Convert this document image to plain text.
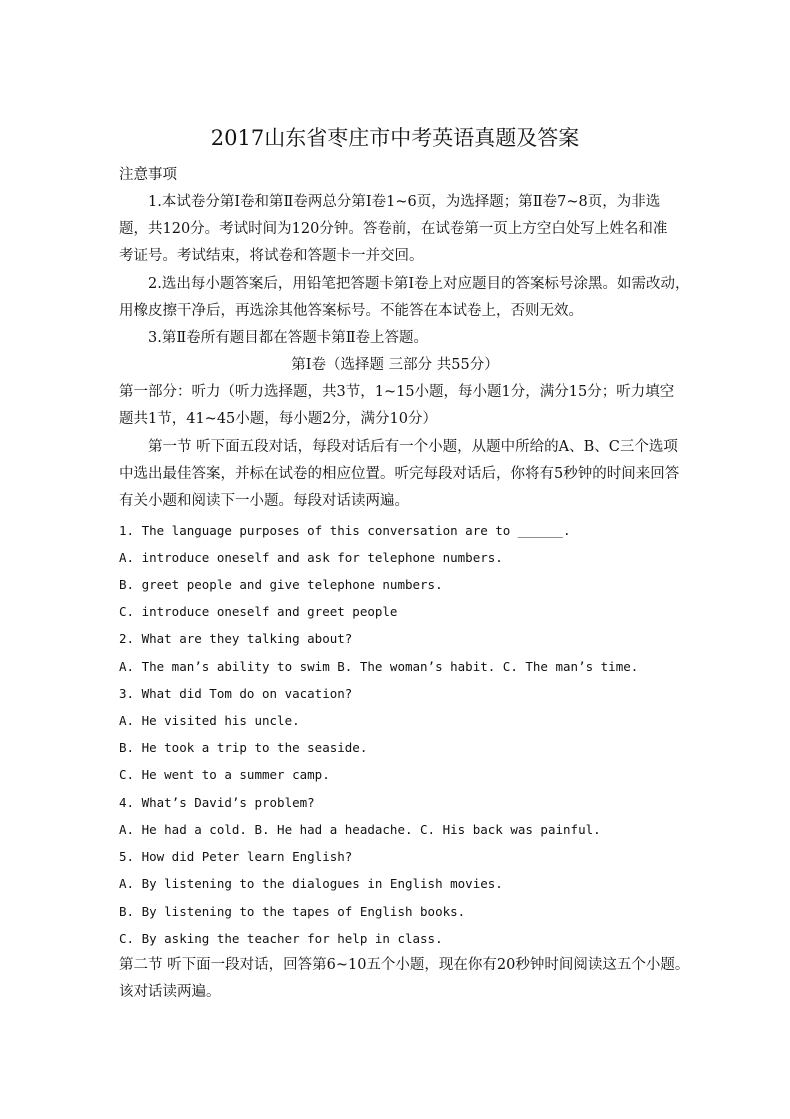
2017山东省枣庄市中考英语真题及答案
注意事项
1.本试卷分第Ⅰ卷和第Ⅱ卷两总分第Ⅰ卷1~6页，为选择题；第Ⅱ卷7~8页，为非选
题，共120分。考试时间为120分钟。答卷前，在试卷第一页上方空白处写上姓名和准
考证号。考试结束，将试卷和答题卡一并交回。
2.选出每小题答案后，用铅笔把答题卡第Ⅰ卷上对应题目的答案标号涂黑。如需改动，
用橡皮擦干净后，再选涂其他答案标号。不能答在本试卷上，否则无效。
3.第Ⅱ卷所有题目都在答题卡第Ⅱ卷上答题。
第Ⅰ卷（选择题 三部分 共55分）
第一部分：听力（听力选择题，共3节，1~15小题，每小题1分，满分15分；听力填空
题共1节，41~45小题，每小题2分，满分10分）
第一节 听下面五段对话，每段对话后有一个小题，从题中所给的A、B、C三个选项
中选出最佳答案，并标在试卷的相应位置。听完每段对话后，你将有5秒钟的时间来回答
有关小题和阅读下一小题。每段对话读两遍。
1. The language purposes of this conversation are to ______.
A. introduce oneself and ask for telephone numbers.
B. greet people and give telephone numbers.
C. introduce oneself and greet people
2. What are they talking about?
A. The man’s ability to swim B. The woman’s habit. C. The man’s time.
3. What did Tom do on vacation?
A. He visited his uncle.
B. He took a trip to the seaside.
C. He went to a summer camp.
4. What’s David’s problem?
A. He had a cold. B. He had a headache. C. His back was painful.
5. How did Peter learn English?
A. By listening to the dialogues in English movies.
B. By listening to the tapes of English books.
C. By asking the teacher for help in class.
第二节 听下面一段对话，回答第6~10五个小题，现在你有20秒钟时间阅读这五个小题。
该对话读两遍。
